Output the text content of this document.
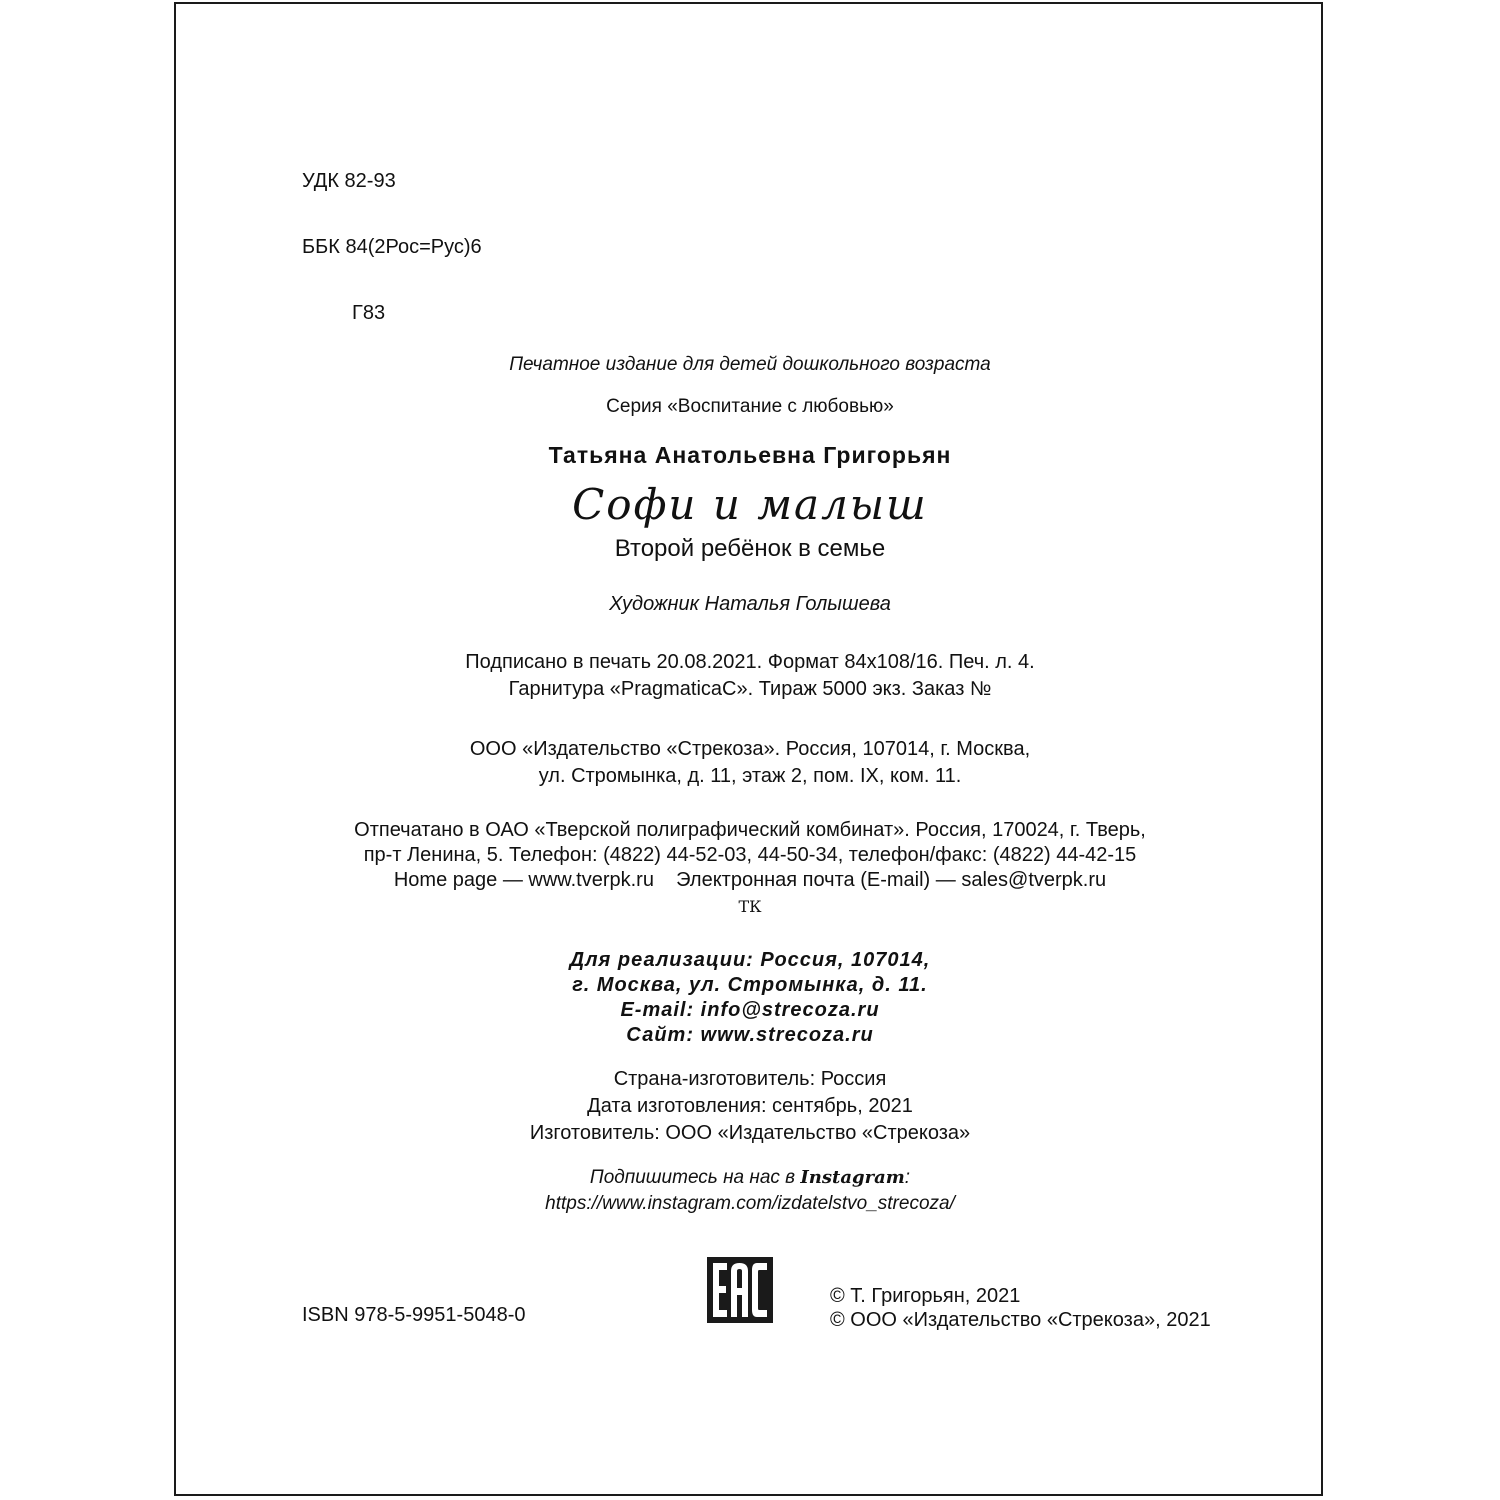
УДК 82-93

ББК 84(2Рос=Рус)6

Г83

Печатное издание для детей дошкольного возраста
Серия «Воспитание с любовью»
Татьяна Анатольевна Григорьян
Софи и малыш
Второй ребёнок в семье
Художник Наталья Голышева
Подписано в печать 20.08.2021. Формат 84x108/16. Печ. л. 4.
Гарнитура «PragmaticaC». Тираж 5000 экз. Заказ №
ООО «Издательство «Стрекоза». Россия, 107014, г. Москва,
ул. Стромынка, д. 11, этаж 2, пом. IX, ком. 11.
Отпечатано в ОАО «Тверской полиграфический комбинат». Россия, 170024, г. Тверь,
пр-т Ленина, 5. Телефон: (4822) 44-52-03, 44-50-34, телефон/факс: (4822) 44-42-15
Home page — www.tverpk.ru    Электронная почта (E-mail) — sales@tverpk.ru
ТК
Для реализации: Россия, 107014,
г. Москва, ул. Стромынка, д. 11.
E-mail: info@strecoza.ru
Сайт: www.strecoza.ru
Страна-изготовитель: Россия
Дата изготовления: сентябрь, 2021
Изготовитель: ООО «Издательство «Стрекоза»
Подпишитесь на нас в Instagram:
https://www.instagram.com/izdatelstvo_strecoza/
ISBN 978-5-9951-5048-0
© Т. Григорьян, 2021
© ООО «Издательство «Стрекоза», 2021
